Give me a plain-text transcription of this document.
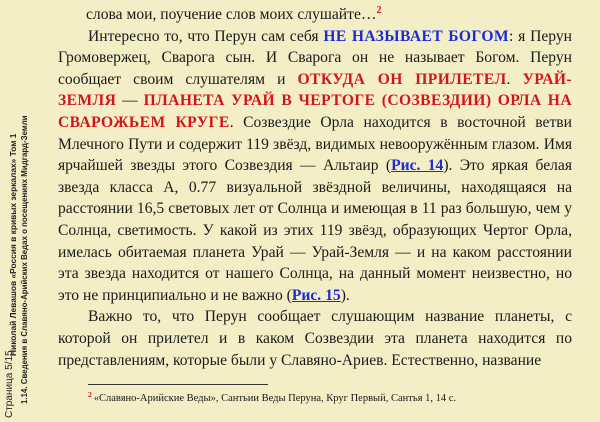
Страница 5/15
Николай Левашов «Россия в кривых зеркалах» Том 1 1.14. Сведения в Славяно-Арийских Ведах о посещениях Мидгард-Земли

слова мои, поучение слов моих слушайте…$^2$

Интересно то, что Перун сам себя НЕ НАЗЫВАЕТ БОГОМ: я Перун Громовержец, Сварога сын. И Сварога он не называет Богом. Перун сообщает своим слушателям и ОТКУДА ОН ПРИЛЕТЕЛ. УРАЙ-ЗЕМЛЯ — ПЛАНЕТА УРАЙ В ЧЕРТОГЕ (СОЗВЕЗДИИ) ОРЛА НА СВАРОЖЬЕМ КРУГЕ. Созвездие Орла находится в восточной ветви Млечного Пути и содержит 119 звёзд, видимых невооружённым глазом. Имя ярчайшей звезды этого Созвездия — Альтаир (Рис. 14). Это яркая белая звезда класса А, 0.77 визуальной звёздной величины, находящаяся на расстоянии 16,5 световых лет от Солнца и имеющая в 11 раз большую, чем у Солнца, светимость. У какой из этих 119 звёзд, образующих Чертог Орла, имелась обитаемая планета Урай — Урай-Земля — и на каком расстоянии эта звезда находится от нашего Солнца, на данный момент неизвестно, но это не принципиально и не важно (Рис. 15).

Важно то, что Перун сообщает слушающим название планеты, с которой он прилетел и в каком Созвездии эта планета находится по представлениям, которые были у Славяно-Ариев. Естественно, название

$^2$ «Славяно-Арийские Веды», Сантьии Веды Перуна, Круг Первый, Сантья 1, 14 с.
